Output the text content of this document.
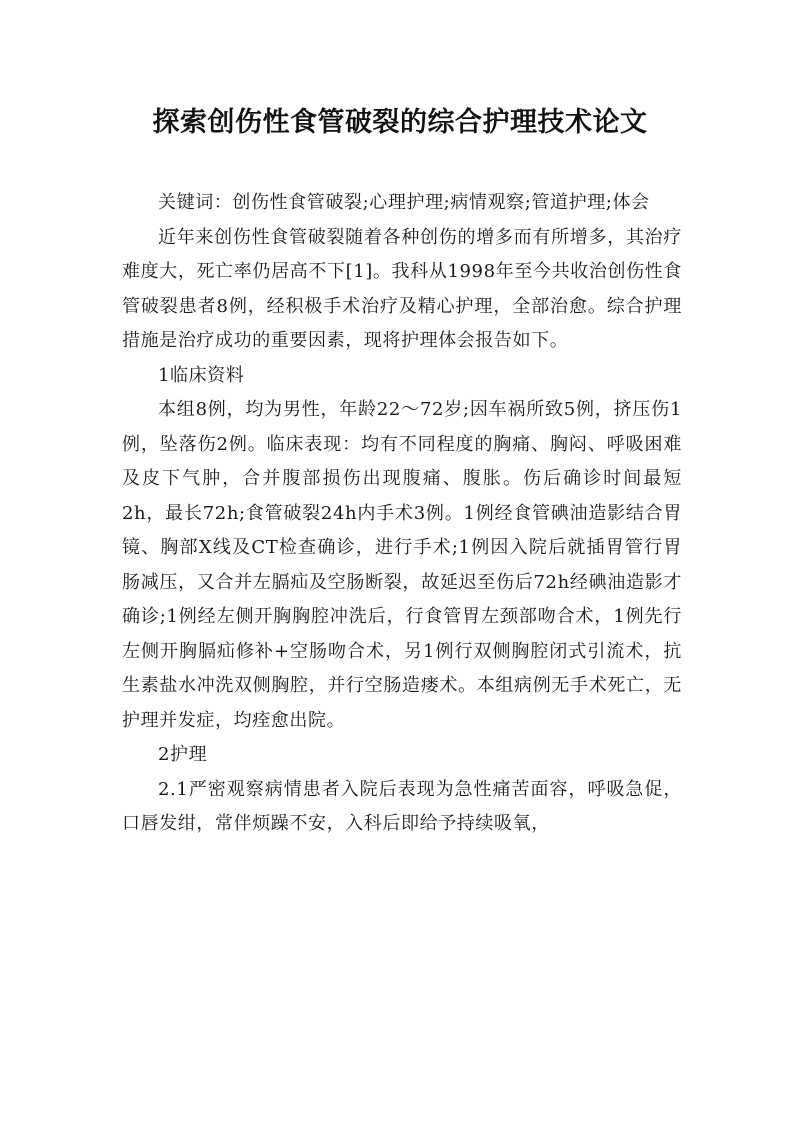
探索创伤性食管破裂的综合护理技术论文

关键词：创伤性食管破裂;心理护理;病情观察;管道护理;体会

近年来创伤性食管破裂随着各种创伤的增多而有所增多，其治疗难度大，死亡率仍居高不下[1]。我科从1998年至今共收治创伤性食管破裂患者8例，经积极手术治疗及精心护理，全部治愈。综合护理措施是治疗成功的重要因素，现将护理体会报告如下。

1临床资料

本组8例，均为男性，年龄22～72岁;因车祸所致5例，挤压伤1例，坠落伤2例。临床表现：均有不同程度的胸痛、胸闷、呼吸困难及皮下气肿，合并腹部损伤出现腹痛、腹胀。伤后确诊时间最短2h，最长72h;食管破裂24h内手术3例。1例经食管碘油造影结合胃镜、胸部X线及CT检查确诊，进行手术;1例因入院后就插胃管行胃肠减压，又合并左膈疝及空肠断裂，故延迟至伤后72h经碘油造影才确诊;1例经左侧开胸胸腔冲洗后，行食管胃左颈部吻合术，1例先行左侧开胸膈疝修补+空肠吻合术，另1例行双侧胸腔闭式引流术，抗生素盐水冲洗双侧胸腔，并行空肠造瘘术。本组病例无手术死亡，无护理并发症，均痊愈出院。

2护理

2.1严密观察病情患者入院后表现为急性痛苦面容，呼吸急促，口唇发绀，常伴烦躁不安，入科后即给予持续吸氧，
